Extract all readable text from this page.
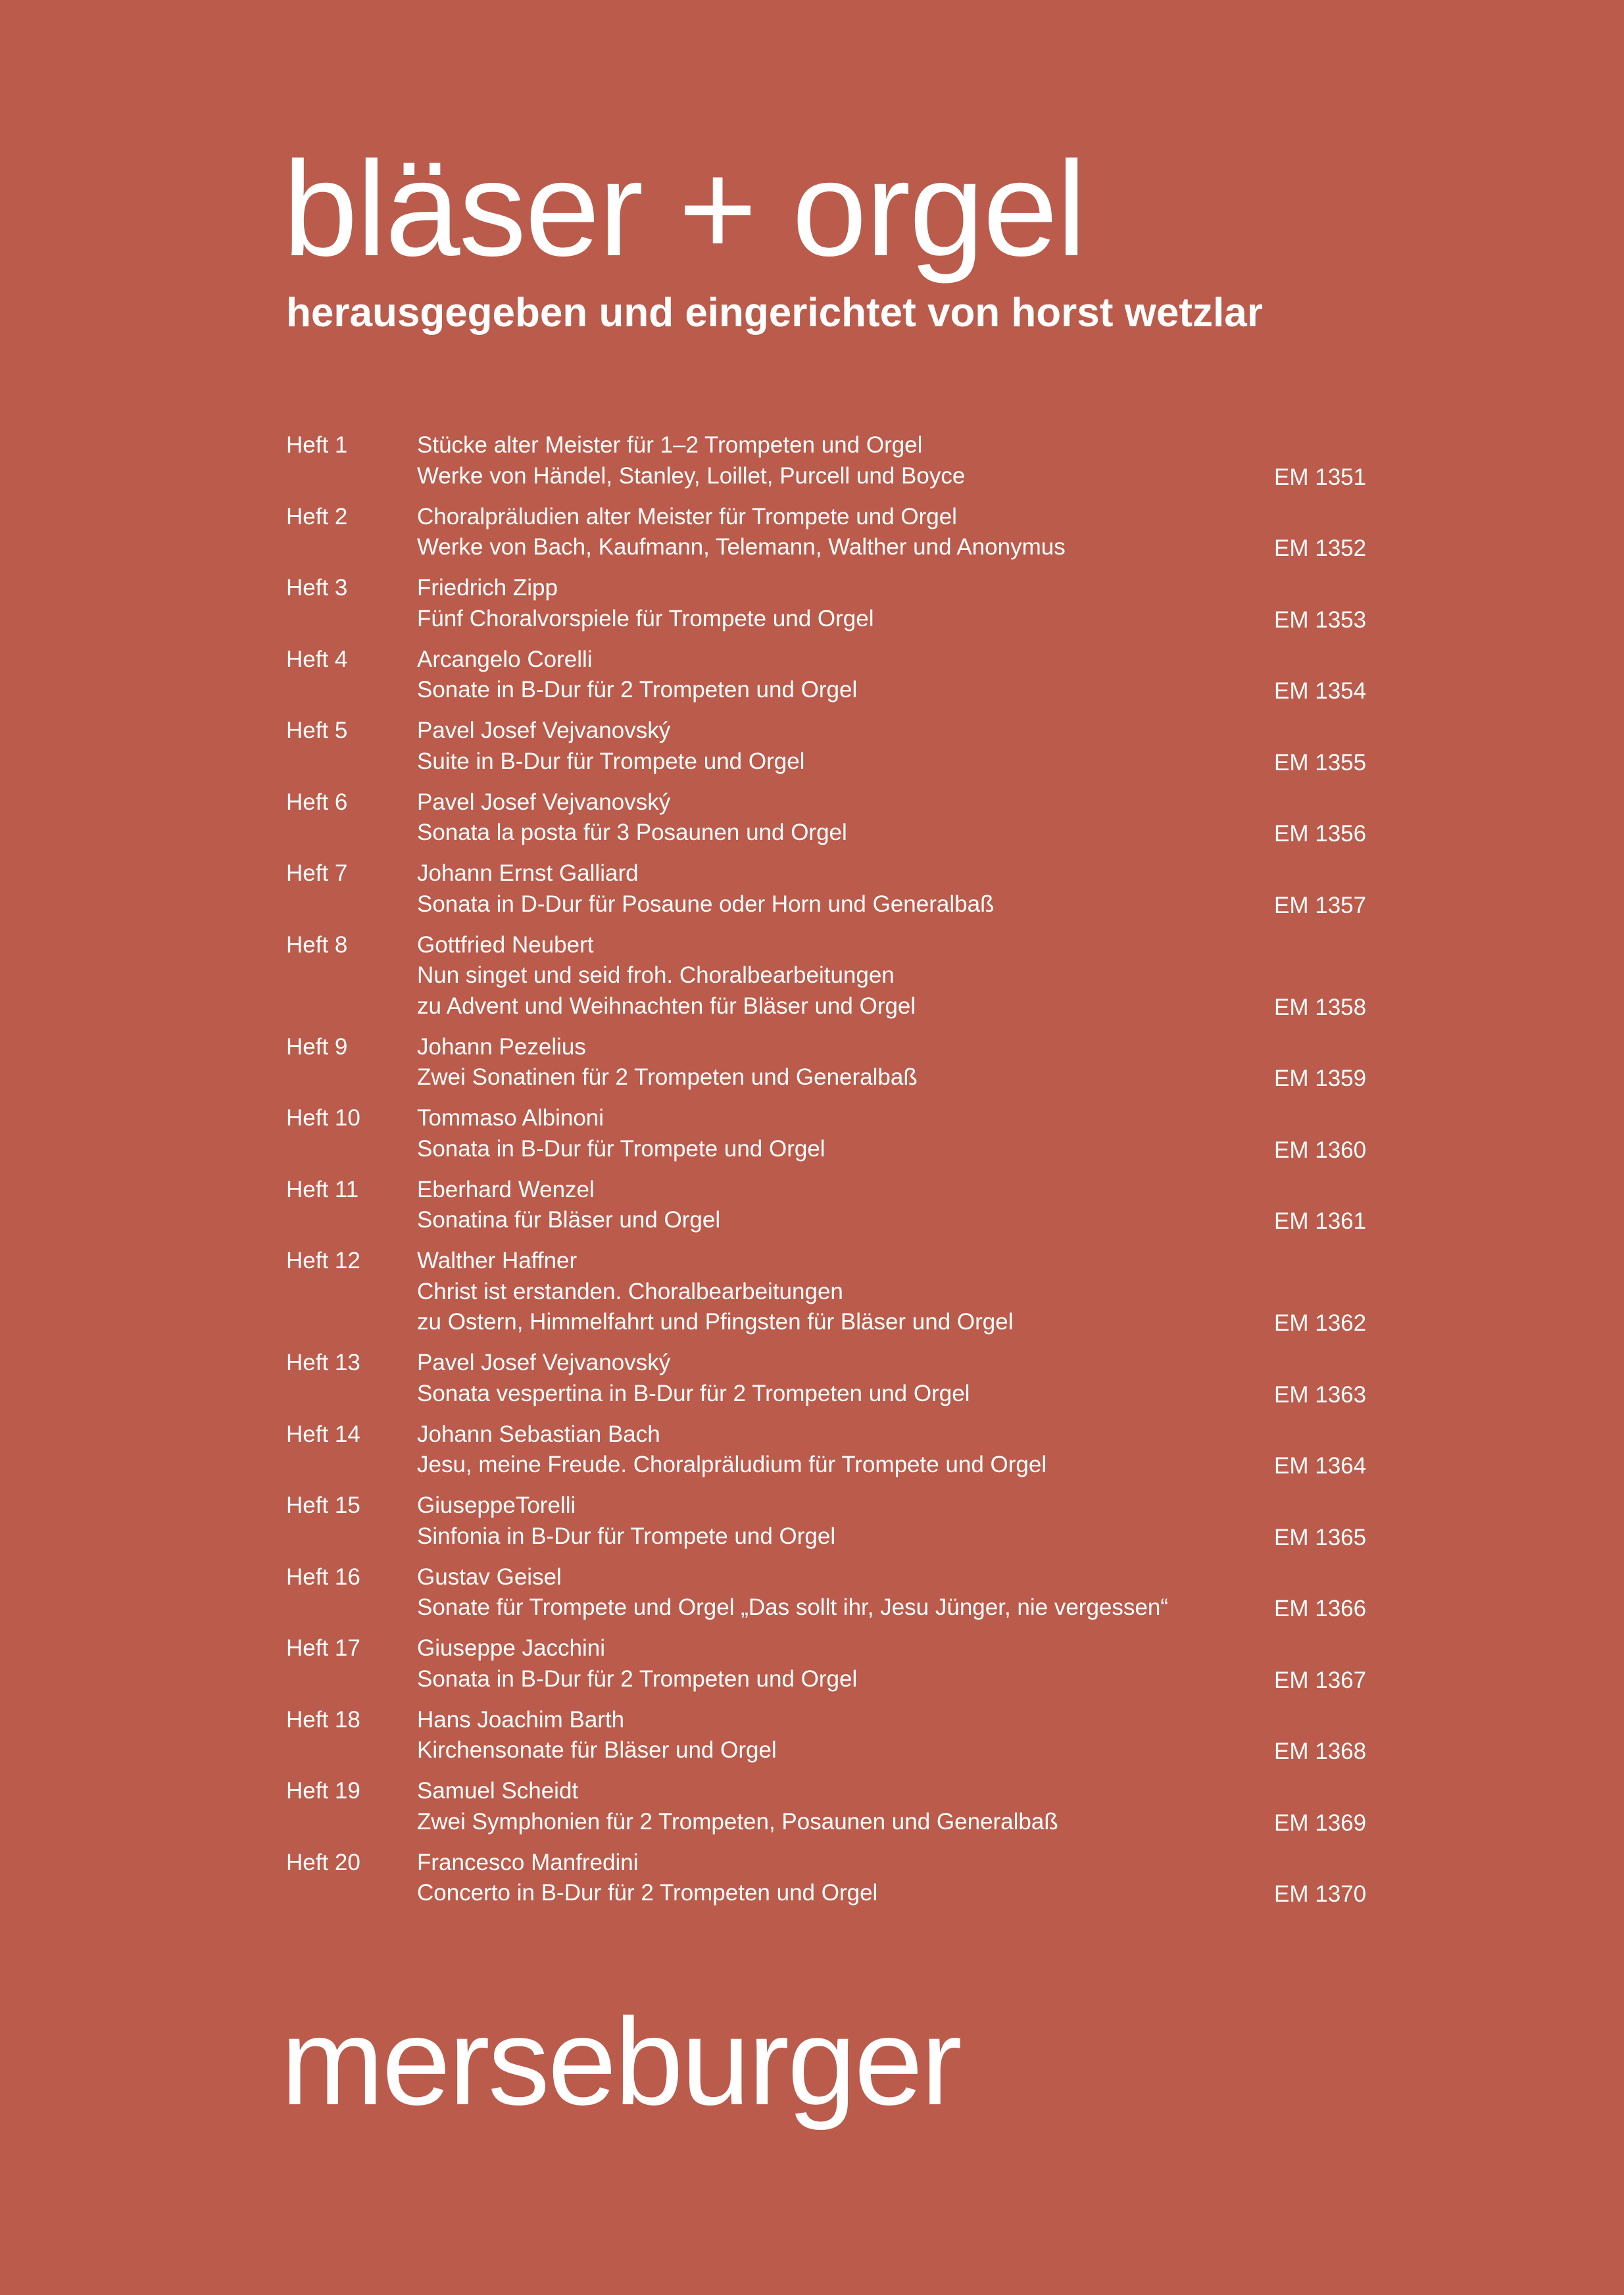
bläser + orgel
herausgegeben und eingerichtet von horst wetzlar
Heft 1	Stücke alter Meister für 1–2 Trompeten und Orgel
Werke von Händel, Stanley, Loillet, Purcell und Boyce	EM 1351
Heft 2	Choralpräludien alter Meister für Trompete und Orgel
Werke von Bach, Kaufmann, Telemann, Walther und Anonymus	EM 1352
Heft 3	Friedrich Zipp
Fünf Choralvorspiele für Trompete und Orgel	EM 1353
Heft 4	Arcangelo Corelli
Sonate in B-Dur für 2 Trompeten und Orgel	EM 1354
Heft 5	Pavel Josef Vejvanovský
Suite in B-Dur für Trompete und Orgel	EM 1355
Heft 6	Pavel Josef Vejvanovský
Sonata la posta für 3 Posaunen und Orgel	EM 1356
Heft 7	Johann Ernst Galliard
Sonata in D-Dur für Posaune oder Horn und Generalbaß	EM 1357
Heft 8	Gottfried Neubert
Nun singet und seid froh. Choralbearbeitungen
zu Advent und Weihnachten für Bläser und Orgel	EM 1358
Heft 9	Johann Pezelius
Zwei Sonatinen für 2 Trompeten und Generalbaß	EM 1359
Heft 10 Tommaso Albinoni
Sonata in B-Dur für Trompete und Orgel	EM 1360
Heft 11	Eberhard Wenzel
Sonatina für Bläser und Orgel	EM 1361
Heft 12 Walther Haffner
Christ ist erstanden. Choralbearbeitungen
zu Ostern, Himmelfahrt und Pfingsten für Bläser und Orgel	EM 1362
Heft 13 Pavel Josef Vejvanovský
Sonata vespertina in B-Dur für 2 Trompeten und Orgel	EM 1363
Heft 14 Johann Sebastian Bach
Jesu, meine Freude. Choralpräludium für Trompete und Orgel	EM 1364
Heft 15 GiuseppeTorelli
Sinfonia in B-Dur für Trompete und Orgel	EM 1365
Heft 16 Gustav Geisel
Sonate für Trompete und Orgel „Das sollt ihr, Jesu Jünger, nie vergessen“	EM 1366
Heft 17 Giuseppe Jacchini
Sonata in B-Dur für 2 Trompeten und Orgel	EM 1367
Heft 18 Hans Joachim Barth
Kirchensonate für Bläser und Orgel	EM 1368
Heft 19 Samuel Scheidt
Zwei Symphonien für 2 Trompeten, Posaunen und Generalbaß	EM 1369
Heft 20 Francesco Manfredini
Concerto in B-Dur für 2 Trompeten und Orgel	EM 1370
merseburger
